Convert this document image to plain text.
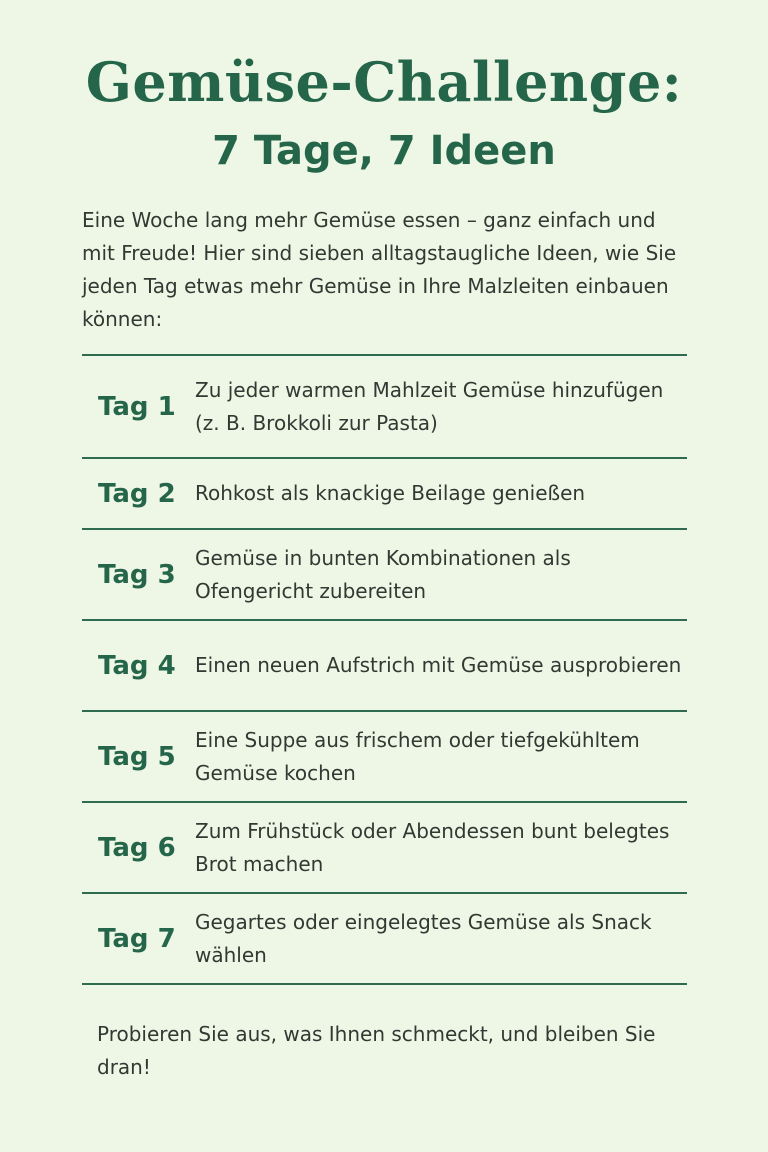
Gemüse-Challenge:
7 Tage, 7 Ideen

Eine Woche lang mehr Gemüse essen – ganz einfach und mit Freude! Hier sind sieben alltagstaugliche Ideen, wie Sie jeden Tag etwas mehr Gemüse in Ihre Malzleiten einbauen können:

Tag 1
Zu jeder warmen Mahlzeit Gemüse hinzufügen (z. B. Brokkoli zur Pasta)
Tag 2 Rohkost als knackige Beilage genießen
Tag 3
Gemüse in bunten Kombinationen als Ofengericht zubereiten
Tag 4 Einen neuen Aufstrich mit Gemüse ausprobieren
Tag 5
Eine Suppe aus frischem oder tiefgekühltem Gemüse kochen
Tag 6
Zum Frühstück oder Abendessen bunt belegtes Brot machen
Tag 7
Gegartes oder eingelegtes Gemüse als Snack wählen

Probieren Sie aus, was Ihnen schmeckt, und bleiben Sie dran!
